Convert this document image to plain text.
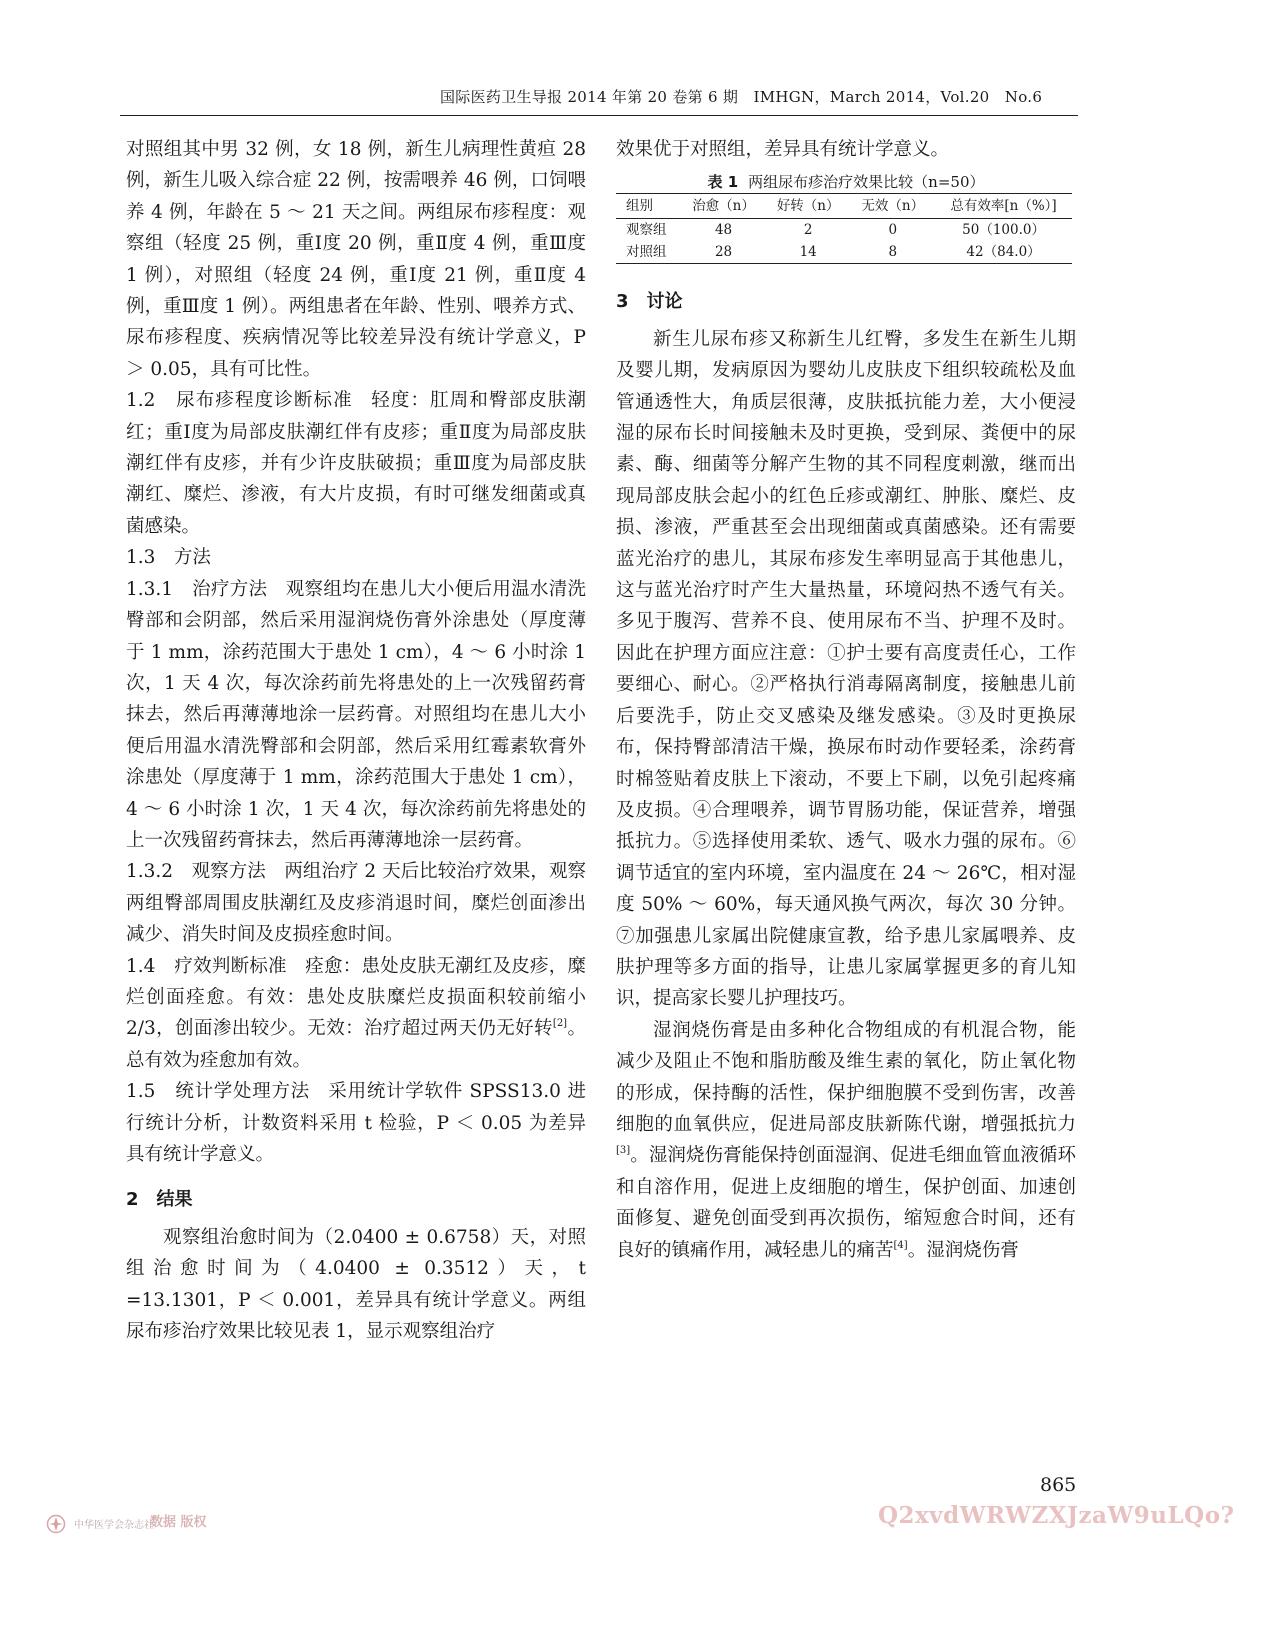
国际医药卫生导报 2014 年第 20 卷第 6 期　IMHGN，March 2014，Vol.20　No.6

对照组其中男 32 例，女 18 例，新生儿病理性黄疸 28 例，新生儿吸入综合症 22 例，按需喂养 46 例，口饲喂养 4 例，年龄在 5 ～ 21 天之间。两组尿布疹程度：观察组（轻度 25 例，重Ⅰ度 20 例，重Ⅱ度 4 例，重Ⅲ度 1 例），对照组（轻度 24 例，重Ⅰ度 21 例，重Ⅱ度 4 例，重Ⅲ度 1 例）。两组患者在年龄、性别、喂养方式、尿布疹程度、疾病情况等比较差异没有统计学意义，P ＞ 0.05，具有可比性。

1.2　尿布疹程度诊断标准 轻度：肛周和臀部皮肤潮红；重Ⅰ度为局部皮肤潮红伴有皮疹；重Ⅱ度为局部皮肤潮红伴有皮疹，并有少许皮肤破损；重Ⅲ度为局部皮肤潮红、糜烂、渗液，有大片皮损，有时可继发细菌或真菌感染。

1.3　方法

1.3.1　治疗方法 观察组均在患儿大小便后用温水清洗臀部和会阴部，然后采用湿润烧伤膏外涂患处（厚度薄于 1 mm，涂药范围大于患处 1 cm），4 ～ 6 小时涂 1 次，1 天 4 次，每次涂药前先将患处的上一次残留药膏抹去，然后再薄薄地涂一层药膏。对照组均在患儿大小便后用温水清洗臀部和会阴部，然后采用红霉素软膏外涂患处（厚度薄于 1 mm，涂药范围大于患处 1 cm），4 ～ 6 小时涂 1 次，1 天 4 次，每次涂药前先将患处的上一次残留药膏抹去，然后再薄薄地涂一层药膏。

1.3.2　观察方法 两组治疗 2 天后比较治疗效果，观察两组臀部周围皮肤潮红及皮疹消退时间，糜烂创面渗出减少、消失时间及皮损痊愈时间。

1.4　疗效判断标准 痊愈：患处皮肤无潮红及皮疹，糜烂创面痊愈。有效：患处皮肤糜烂皮损面积较前缩小 2/3，创面渗出较少。无效：治疗超过两天仍无好转[2]。总有效为痊愈加有效。

1.5　统计学处理方法 采用统计学软件 SPSS13.0 进行统计分析，计数资料采用 t 检验，P ＜ 0.05 为差异具有统计学意义。

2　结果

观察组治愈时间为（2.0400 ± 0.6758）天，对照组治愈时间为（4.0400 ± 0.3512）天，t =13.1301，P ＜ 0.001，差异具有统计学意义。两组尿布疹治疗效果比较见表 1，显示观察组治疗

效果优于对照组，差异具有统计学意义。

表 1 两组尿布疹治疗效果比较（n=50）
组别	治愈（n）	好转（n）	无效（n）	总有效率[n（%）]
观察组	48	2	0	50（100.0）
对照组	28	14	8	42（84.0）
3　讨论

新生儿尿布疹又称新生儿红臀，多发生在新生儿期及婴儿期，发病原因为婴幼儿皮肤皮下组织较疏松及血管通透性大，角质层很薄，皮肤抵抗能力差，大小便浸湿的尿布长时间接触未及时更换，受到尿、粪便中的尿素、酶、细菌等分解产生物的其不同程度刺激，继而出现局部皮肤会起小的红色丘疹或潮红、肿胀、糜烂、皮损、渗液，严重甚至会出现细菌或真菌感染。还有需要蓝光治疗的患儿，其尿布疹发生率明显高于其他患儿，这与蓝光治疗时产生大量热量，环境闷热不透气有关。多见于腹泻、营养不良、使用尿布不当、护理不及时。因此在护理方面应注意：①护士要有高度责任心，工作要细心、耐心。②严格执行消毒隔离制度，接触患儿前后要洗手，防止交叉感染及继发感染。③及时更换尿布，保持臀部清洁干燥，换尿布时动作要轻柔，涂药膏时棉签贴着皮肤上下滚动，不要上下刷，以免引起疼痛及皮损。④合理喂养，调节胃肠功能，保证营养，增强抵抗力。⑤选择使用柔软、透气、吸水力强的尿布。⑥调节适宜的室内环境，室内温度在 24 ～ 26℃，相对湿度 50% ～ 60%，每天通风换气两次，每次 30 分钟。⑦加强患儿家属出院健康宣教，给予患儿家属喂养、皮肤护理等多方面的指导，让患儿家属掌握更多的育儿知识，提高家长婴儿护理技巧。

湿润烧伤膏是由多种化合物组成的有机混合物，能减少及阻止不饱和脂肪酸及维生素的氧化，防止氧化物的形成，保持酶的活性，保护细胞膜不受到伤害，改善细胞的血氧供应，促进局部皮肤新陈代谢，增强抵抗力[3]。湿润烧伤膏能保持创面湿润、促进毛细血管血液循环和自溶作用，促进上皮细胞的增生，保护创面、加速创面修复、避免创面受到再次损伤，缩短愈合时间，还有良好的镇痛作用，减轻患儿的痛苦[4]。湿润烧伤膏

865
中华医学会杂志社
数据 版权	Q2xvdWRWZXJzaW9uLQo?
